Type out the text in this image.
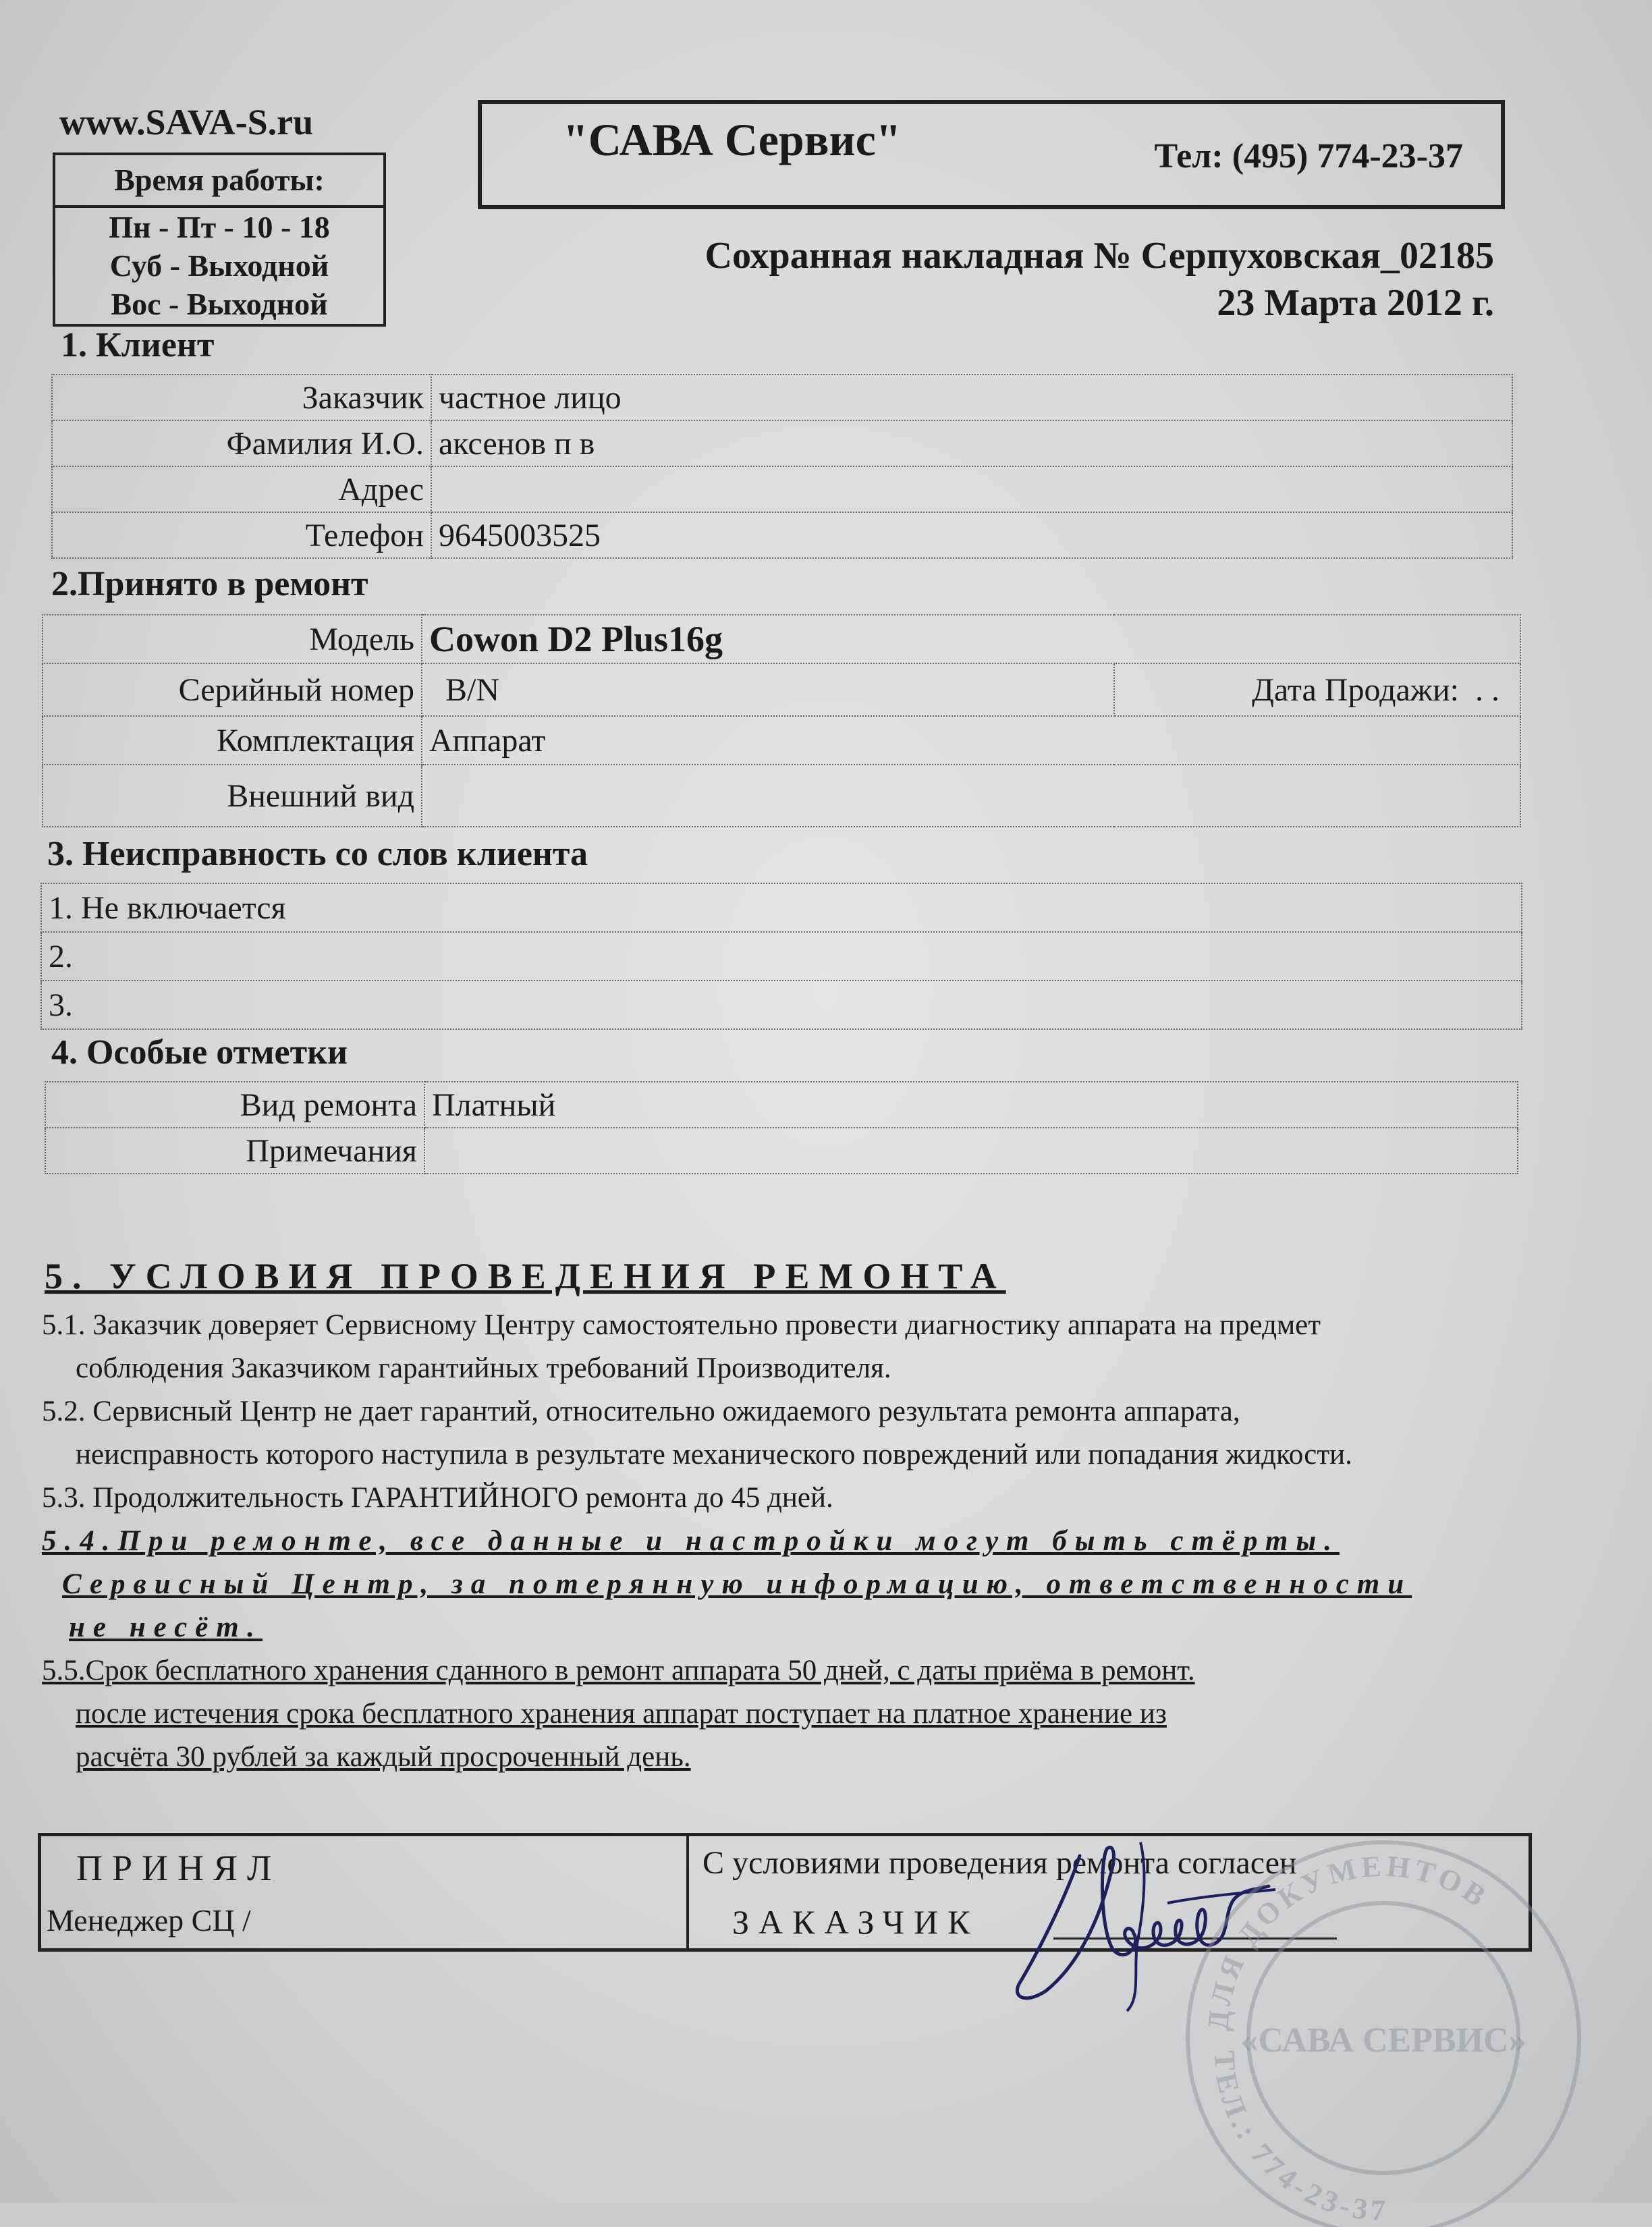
www.SAVA-S.ru
Время работы:
Пн - Пт - 10 - 18
Суб - Выходной
Вос - Выходной
"САВА Сервис"	Тел: (495) 774-23-37
Сохранная накладная № Серпуховская_02185
23 Марта 2012 г.
1. Клиент
Заказчик	частное лицо
Фамилия И.О.	аксенов п в
Адрес	
Телефон	9645003525
2.Принято в ремонт
Модель	Cowon D2 Plus16g	
Серийный номер	B/N	Дата Продажи: . .
Комплектация	Аппарат	
Внешний вид		
3. Неисправность со слов клиента
1. Не включается
2.
3.
4. Особые отметки
Вид ремонта	Платный
Примечания	
5. УСЛОВИЯ ПРОВЕДЕНИЯ РЕМОНТА
5.1. Заказчик доверяет Сервисному Центру самостоятельно провести диагностику аппарата на предмет
соблюдения Заказчиком гарантийных требований Производителя.
5.2. Сервисный Центр не дает гарантий, относительно ожидаемого результата ремонта аппарата,
неисправность которого наступила в результате механического повреждений или попадания жидкости.
5.3. Продолжительность ГАРАНТИЙНОГО ремонта до 45 дней.
5.4.При ремонте, все данные и настройки могут быть стёрты.
Сервисный Центр, за потерянную информацию, ответственности
не несёт.
5.5.Срок бесплатного хранения сданного в ремонт аппарата 50 дней, с даты приёма в ремонт.
после истечения срока бесплатного хранения аппарат поступает на платное хранение из
расчёта 30 рублей за каждый просроченный день.
ПРИНЯЛ
Менеджер СЦ /
С условиями проведения ремонта согласен
ЗАКАЗЧИК
ДЛЯ ДОКУМЕНТОВ
ТЕЛ.: 774-23-37
«САВА СЕРВИС»
